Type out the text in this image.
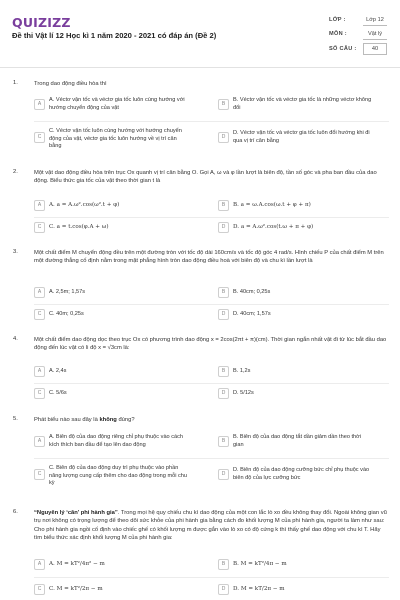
QUIZIZZ
Đề thi Vật lí 12 Học kì 1 năm 2020 - 2021 có đáp án (Đề 2)
LỚP :	Lớp 12
MÔN :	Vật lý
SỐ CÂU :	40
1.	Trong dao động điều hòa thì
A
A. Véctơ vận tốc và véctơ gia tốc luôn cùng hướng với hướng chuyển động của vật
B
B. Véctơ vận tốc và véctơ gia tốc là những véctơ không đổi
C
C. Véctơ vận tốc luôn cùng hướng với hướng chuyển động của vật, véctơ gia tốc luôn hướng về vị trí cân bằng
D
D. Véctơ vận tốc và véctơ gia tốc luôn đổi hướng khi đi qua vị trí cân bằng
2.	Một vật dao động điều hòa trên trục Ox quanh vị trí cân bằng O. Gọi A, ω và φ lần lượt là biên độ, tần số góc và pha ban đầu của dao động. Biểu thức gia tốc của vật theo thời gian t là
A	A. a = A.ω².cos(ω².t + φ)	B	B. a = ω.A.cos(ω.t + φ + π)
C	C. a = t.cos(φ.A + ω)	D	D. a = A.ω².cos(t.ω + π + φ)
3.	Một chất điểm M chuyển động đều trên một đường tròn với tốc độ dài 160cm/s và tốc độ góc 4 rad/s. Hình chiếu P của chất điểm M trên một đường thẳng cố định nằm trong mặt phẳng hình tròn dao động điều hoà với biên độ và chu kì lần lượt là
A	A. 2,5m; 1,57s	B	B. 40cm; 0,25s
C	C. 40m; 0,25s	D	D. 40cm; 1,57s
4.	Một chất điểm dao động dọc theo trục Ox có phương trình dao động x = 2cos(2πt + π)(cm). Thời gian ngắn nhất vật đi từ lúc bắt đầu dao động đến lúc vật có li độ x = √3cm là:
A	A. 2,4s	B	B. 1,2s
C	C. 5/6s	D	D. 5/12s
5.	Phát biểu nào sau đây là không đúng?
A
A. Biên độ của dao động riêng chỉ phụ thuộc vào cách kích thích ban đầu để tạo lên dao động
B
B. Biên độ của dao động tắt dần giảm dần theo thời gian
C
C. Biên độ của dao động duy trì phụ thuộc vào phần năng lượng cung cấp thêm cho dao động trong mỗi chu kỳ
D
D. Biên độ của dao động cưỡng bức chỉ phụ thuộc vào biên độ của lực cưỡng bức
6.	“Nguyên lý ‘cân’ phi hành gia”. Trong mọi hệ quy chiếu chu kì dao động của một con lắc lò xo đều không thay đổi. Ngoài không gian vũ trụ nơi không có trọng lượng để theo dõi sức khỏe của phi hành gia bằng cách đo khối lượng M của phi hành gia, người ta làm như sau: Cho phi hành gia ngồi cố định vào chiếc ghế có khối lượng m được gắn vào lò xo có độ cứng k thì thấy ghế dao động với chu kì T. Hãy tìm biểu thức xác định khối lượng M của phi hành gia:
A	A. M = kT²/4π² − m	B	B. M = kT²/4π − m
C	C. M = kT²/2π − m	D	D. M = kT/2π − m
